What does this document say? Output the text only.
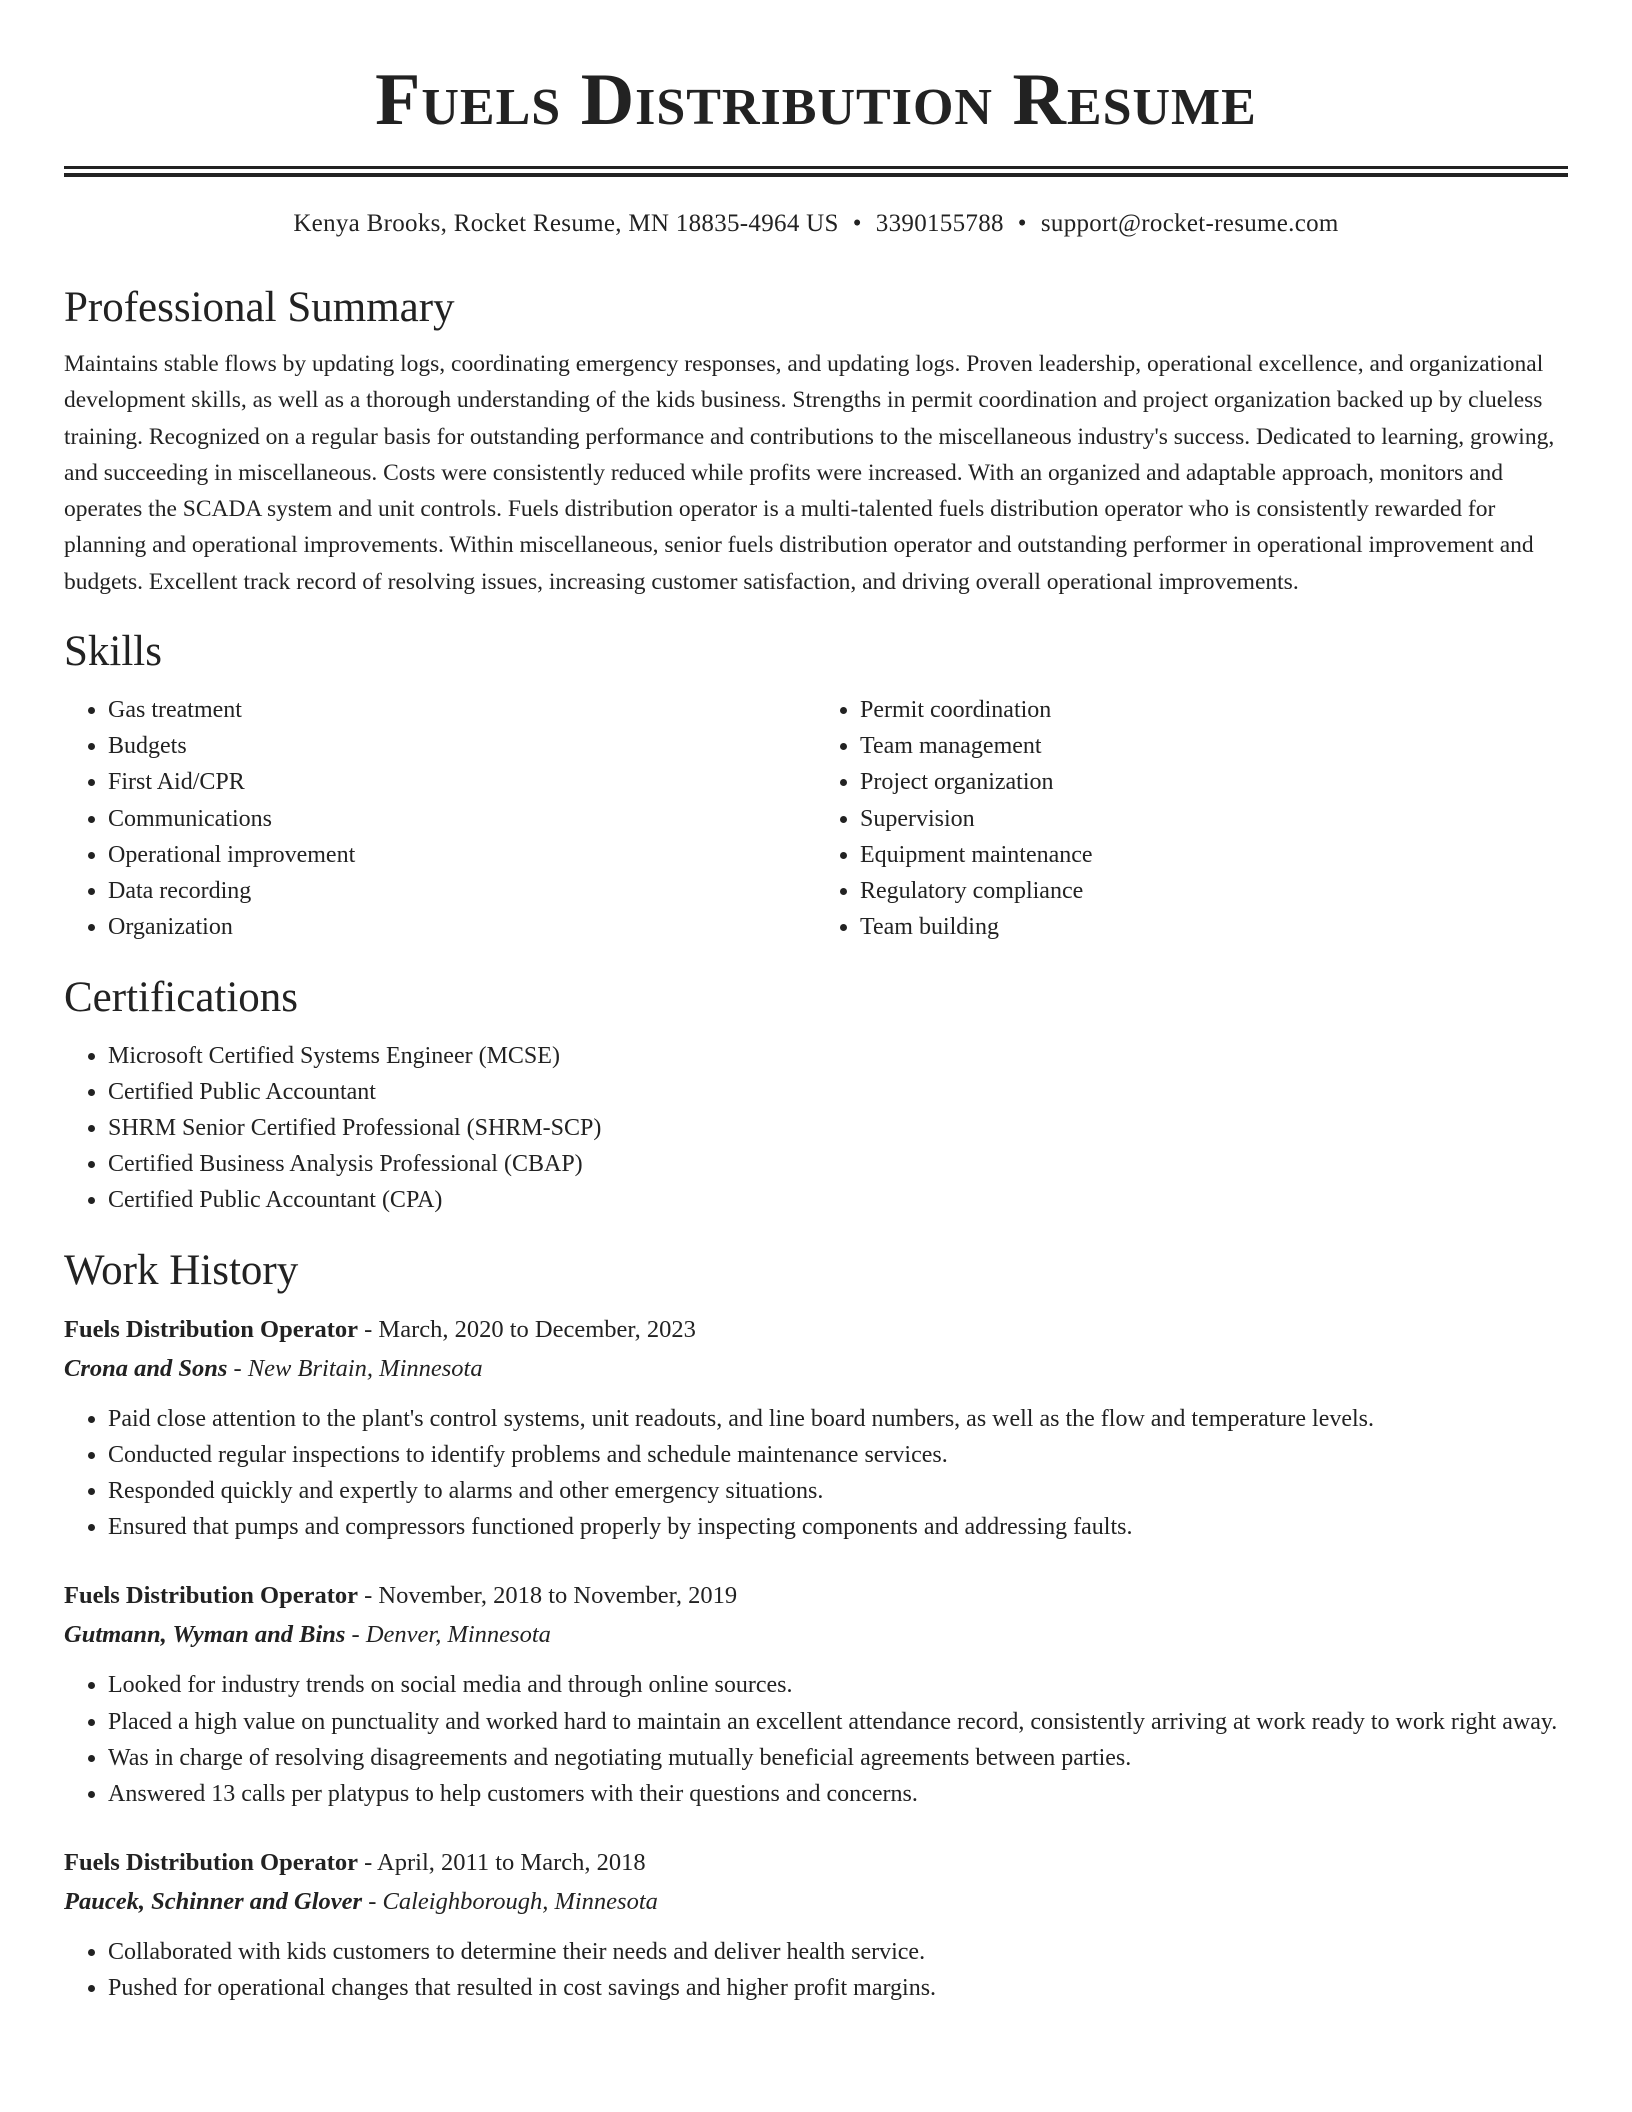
Fuels Distribution Resume
Kenya Brooks, Rocket Resume, MN 18835-4964 US • 3390155788 • support@rocket-resume.com
Professional Summary
Maintains stable flows by updating logs, coordinating emergency responses, and updating logs. Proven leadership, operational excellence, and organizational development skills, as well as a thorough understanding of the kids business. Strengths in permit coordination and project organization backed up by clueless training. Recognized on a regular basis for outstanding performance and contributions to the miscellaneous industry's success. Dedicated to learning, growing, and succeeding in miscellaneous. Costs were consistently reduced while profits were increased. With an organized and adaptable approach, monitors and operates the SCADA system and unit controls. Fuels distribution operator is a multi-talented fuels distribution operator who is consistently rewarded for planning and operational improvements. Within miscellaneous, senior fuels distribution operator and outstanding performer in operational improvement and budgets. Excellent track record of resolving issues, increasing customer satisfaction, and driving overall operational improvements.
Skills
• Gas treatment
• Budgets
• First Aid/CPR
• Communications
• Operational improvement
• Data recording
• Organization
• Permit coordination
• Team management
• Project organization
• Supervision
• Equipment maintenance
• Regulatory compliance
• Team building
Certifications
• Microsoft Certified Systems Engineer (MCSE)
• Certified Public Accountant
• SHRM Senior Certified Professional (SHRM-SCP)
• Certified Business Analysis Professional (CBAP)
• Certified Public Accountant (CPA)
Work History
Fuels Distribution Operator - March, 2020 to December, 2023
Crona and Sons - New Britain, Minnesota
• Paid close attention to the plant's control systems, unit readouts, and line board numbers, as well as the flow and temperature levels.
• Conducted regular inspections to identify problems and schedule maintenance services.
• Responded quickly and expertly to alarms and other emergency situations.
• Ensured that pumps and compressors functioned properly by inspecting components and addressing faults.
Fuels Distribution Operator - November, 2018 to November, 2019
Gutmann, Wyman and Bins - Denver, Minnesota
• Looked for industry trends on social media and through online sources.
• Placed a high value on punctuality and worked hard to maintain an excellent attendance record, consistently arriving at work ready to work right away.
• Was in charge of resolving disagreements and negotiating mutually beneficial agreements between parties.
• Answered 13 calls per platypus to help customers with their questions and concerns.
Fuels Distribution Operator - April, 2011 to March, 2018
Paucek, Schinner and Glover - Caleighborough, Minnesota
• Collaborated with kids customers to determine their needs and deliver health service.
• Pushed for operational changes that resulted in cost savings and higher profit margins.
